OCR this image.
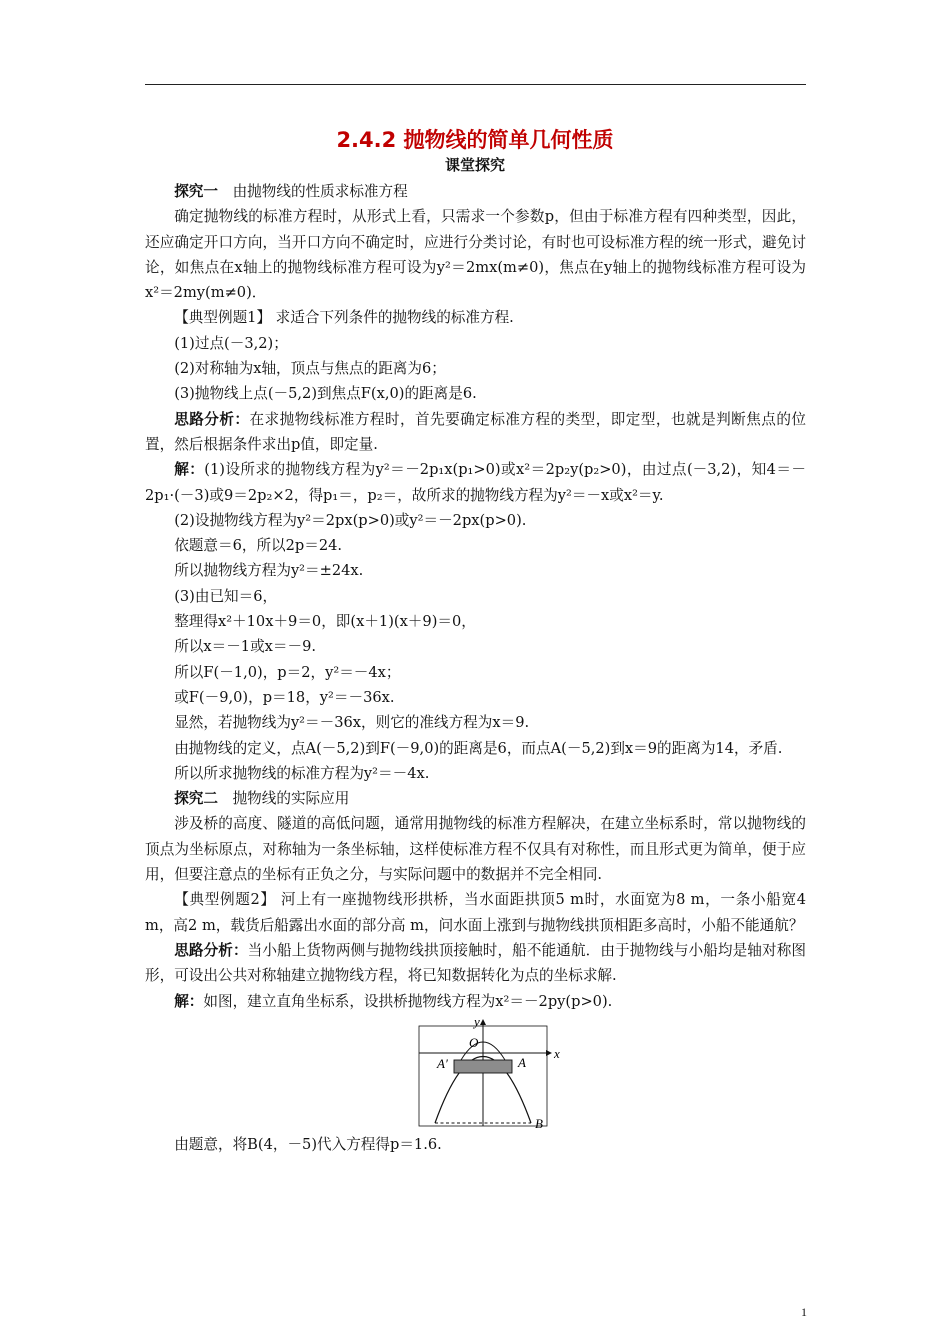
2.4.2 抛物线的简单几何性质
课堂探究

探究一　由抛物线的性质求标准方程

确定抛物线的标准方程时，从形式上看，只需求一个参数p，但由于标准方程有四种类型，因此，还应确定开口方向，当开口方向不确定时，应进行分类讨论，有时也可设标准方程的统一形式，避免讨论，如焦点在x轴上的抛物线标准方程可设为y²＝2mx(m≠0)，焦点在y轴上的抛物线标准方程可设为x²＝2my(m≠0)．

【典型例题1】 求适合下列条件的抛物线的标准方程.

(1)过点(－3,2)；

(2)对称轴为x轴，顶点与焦点的距离为6；

(3)抛物线上点(－5,2)到焦点F(x,0)的距离是6.

思路分析：在求抛物线标准方程时，首先要确定标准方程的类型，即定型，也就是判断焦点的位置，然后根据条件求出p值，即定量.

解：(1)设所求的抛物线方程为y²＝－2p₁x(p₁>0)或x²＝2p₂y(p₂>0)，由过点(－3,2)，知4＝－2p₁·(－3)或9＝2p₂×2，得p₁＝，p₂＝，故所求的抛物线方程为y²＝－x或x²＝y.

(2)设抛物线方程为y²＝2px(p>0)或y²＝－2px(p>0).

依题意＝6，所以2p＝24.

所以抛物线方程为y²＝±24x.

(3)由已知＝6，

整理得x²＋10x＋9＝0，即(x＋1)(x＋9)＝0，

所以x＝－1或x＝－9.

所以F(－1,0)，p＝2，y²＝－4x；

或F(－9,0)，p＝18，y²＝－36x.

显然，若抛物线为y²＝－36x，则它的准线方程为x＝9.

由抛物线的定义，点A(－5,2)到F(－9,0)的距离是6，而点A(－5,2)到x＝9的距离为14，矛盾.

所以所求抛物线的标准方程为y²＝－4x.

探究二　抛物线的实际应用

涉及桥的高度、隧道的高低问题，通常用抛物线的标准方程解决，在建立坐标系时，常以抛物线的顶点为坐标原点，对称轴为一条坐标轴，这样使标准方程不仅具有对称性，而且形式更为简单，便于应用，但要注意点的坐标有正负之分，与实际问题中的数据并不完全相同.

【典型例题2】 河上有一座抛物线形拱桥，当水面距拱顶5 m时，水面宽为8 m，一条小船宽4 m，高2 m，载货后船露出水面的部分高 m，问水面上涨到与抛物线拱顶相距多高时，小船不能通航？

思路分析：当小船上货物两侧与抛物线拱顶接触时，船不能通航．由于抛物线与小船均是轴对称图形，可设出公共对称轴建立抛物线方程，将已知数据转化为点的坐标求解.

解：如图，建立直角坐标系，设拱桥抛物线方程为x²＝－2py(p>0).

y
x
O
A′	A
B

由题意，将B(4，－5)代入方程得p＝1.6.

1
